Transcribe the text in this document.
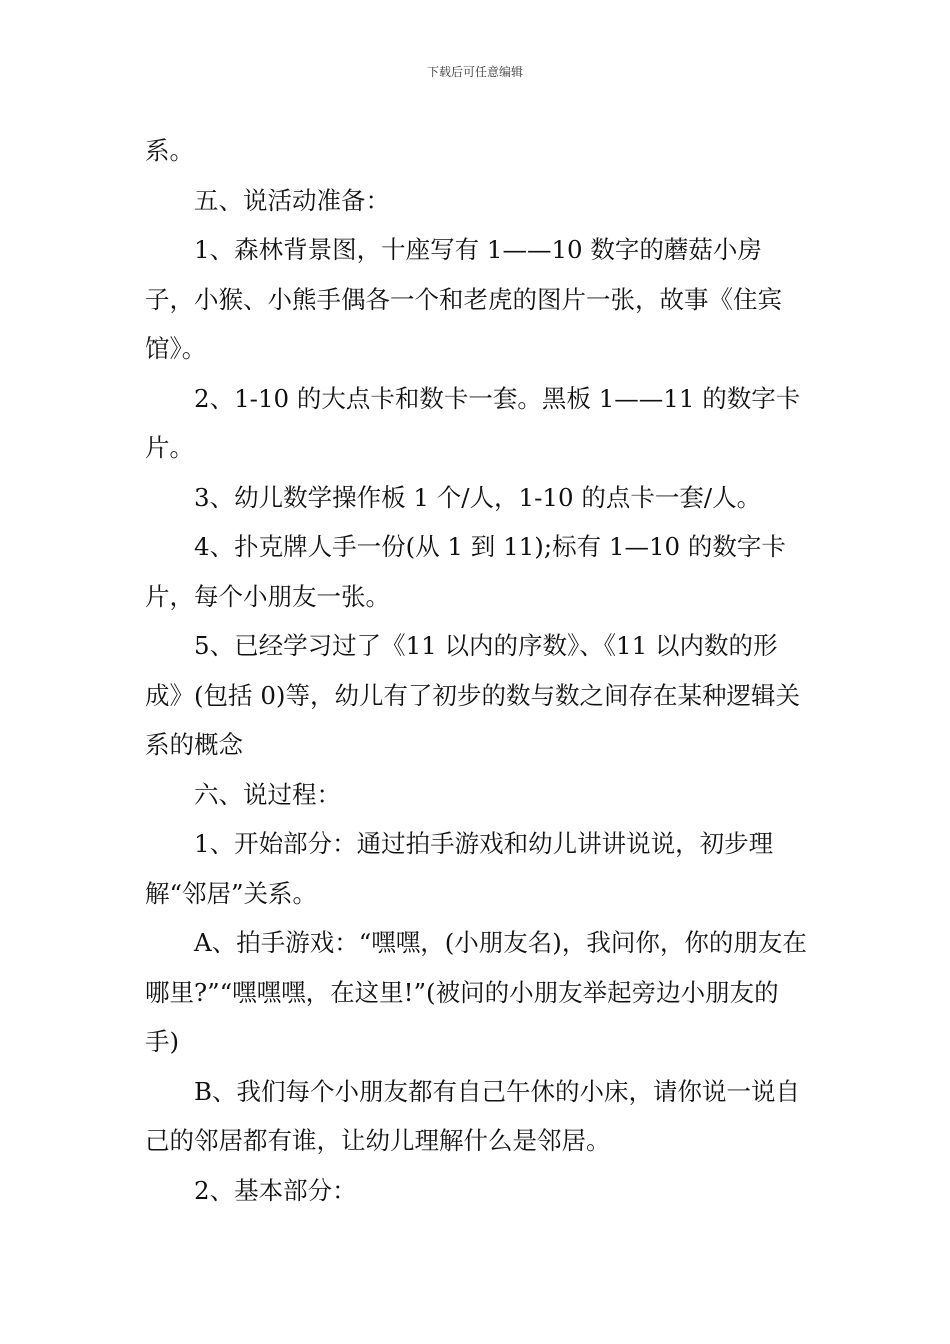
下载后可任意编辑

系。

五、说活动准备：

1、森林背景图，十座写有 1——10 数字的蘑菇小房子，小猴、小熊手偶各一个和老虎的图片一张，故事《住宾馆》。

2、1-10 的大点卡和数卡一套。黑板 1——11 的数字卡片。

3、幼儿数学操作板 1 个/人，1-10 的点卡一套/人。

4、扑克牌人手一份(从 1 到 11);标有 1—10 的数字卡片，每个小朋友一张。

5、已经学习过了《11 以内的序数》、《11 以内数的形成》(包括 0)等，幼儿有了初步的数与数之间存在某种逻辑关系的概念

六、说过程：

1、开始部分：通过拍手游戏和幼儿讲讲说说，初步理解“邻居”关系。

A、拍手游戏：“嘿嘿，(小朋友名)，我问你，你的朋友在哪里?”“嘿嘿嘿，在这里!”(被问的小朋友举起旁边小朋友的手)

B、我们每个小朋友都有自己午休的小床，请你说一说自己的邻居都有谁，让幼儿理解什么是邻居。

2、基本部分：
